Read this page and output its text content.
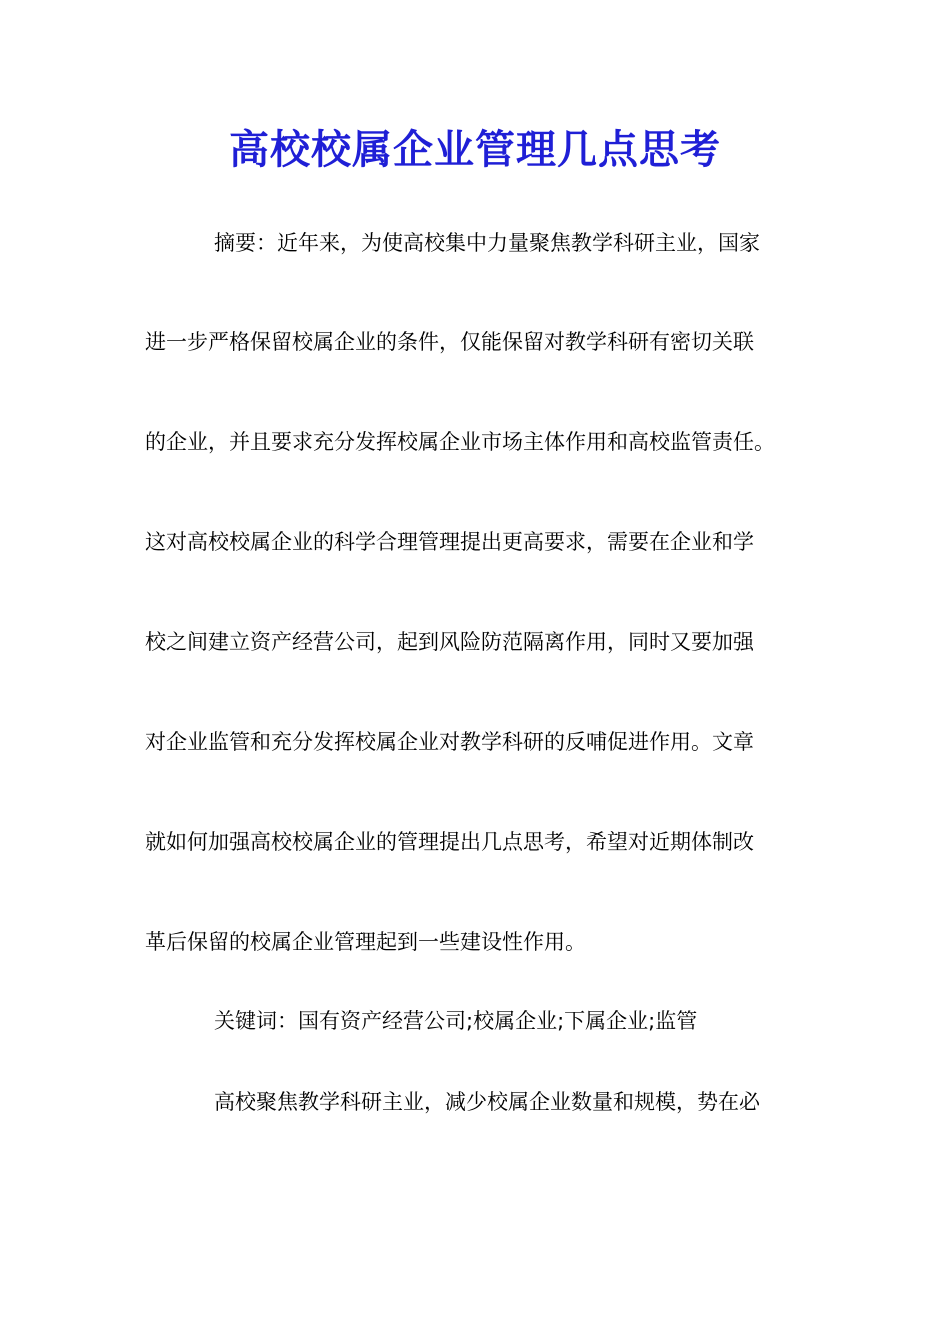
高校校属企业管理几点思考
摘要：近年来，为使高校集中力量聚焦教学科研主业，国家
进一步严格保留校属企业的条件，仅能保留对教学科研有密切关联
的企业，并且要求充分发挥校属企业市场主体作用和高校监管责任。
这对高校校属企业的科学合理管理提出更高要求，需要在企业和学
校之间建立资产经营公司，起到风险防范隔离作用，同时又要加强
对企业监管和充分发挥校属企业对教学科研的反哺促进作用。文章
就如何加强高校校属企业的管理提出几点思考，希望对近期体制改
革后保留的校属企业管理起到一些建设性作用。
关键词：国有资产经营公司;校属企业;下属企业;监管
高校聚焦教学科研主业，减少校属企业数量和规模，势在必
